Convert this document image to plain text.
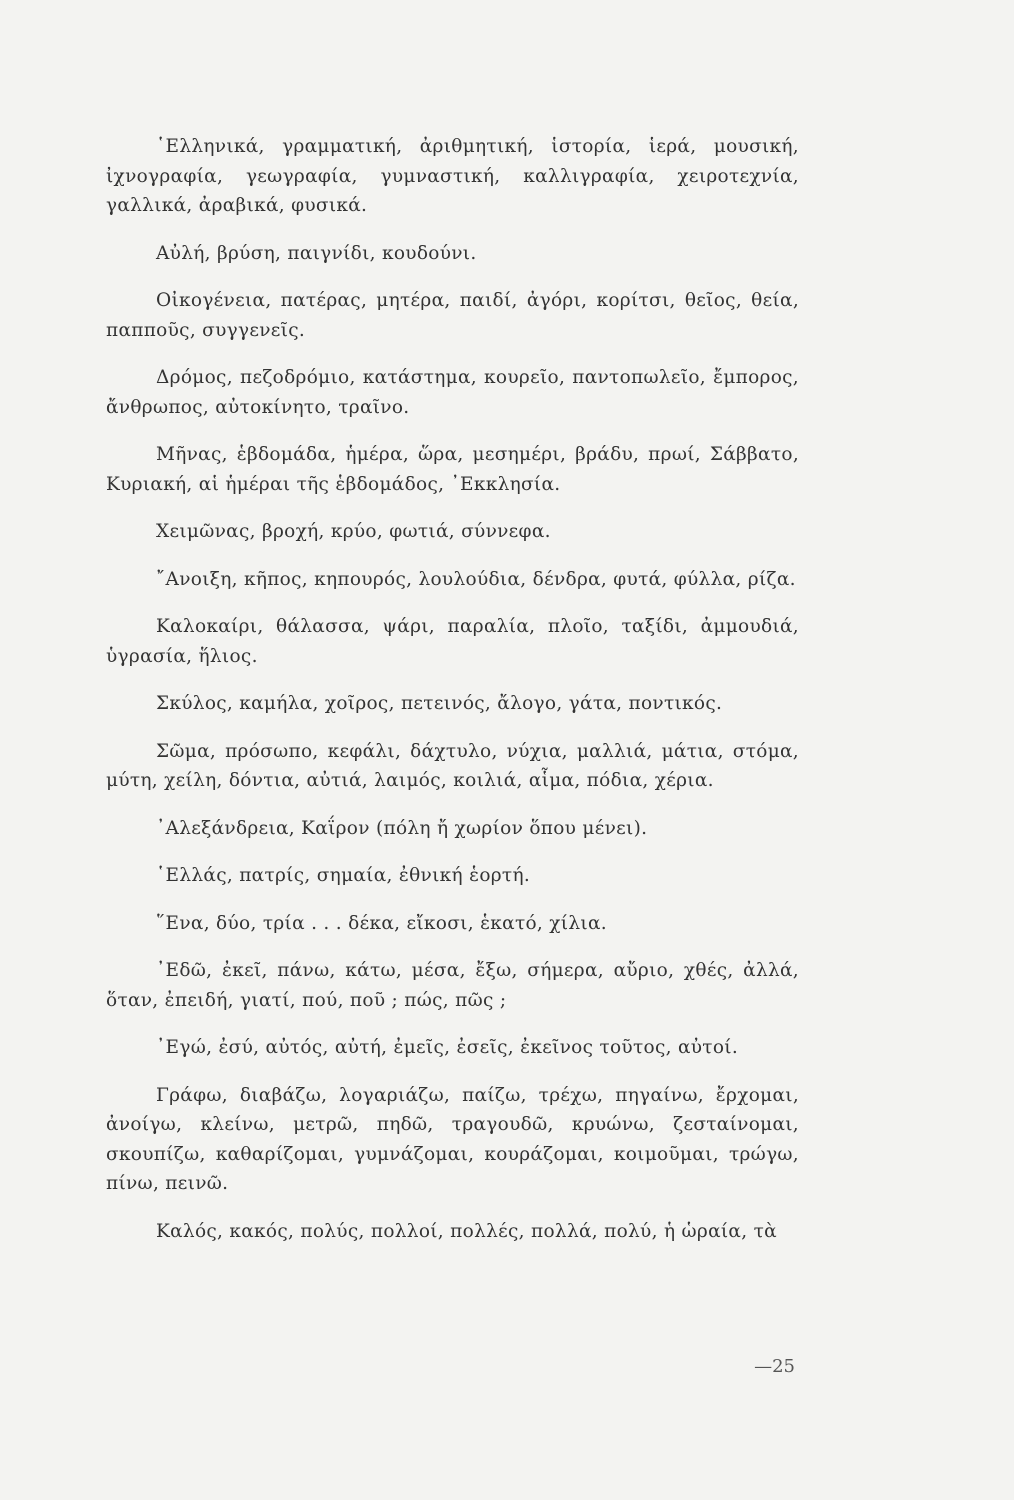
῾Ελληνικά, γραμματική, ἀριθμητική, ἱστορία, ἱερά, μουσική, ἰχνογραφία, γεωγραφία, γυμναστική, καλλιγραφία, χειροτεχνία, γαλλικά, ἀραβικά, φυσικά.

Αὐλή, βρύση, παιγνίδι, κουδούνι.

Οἰκογένεια, πατέρας, μητέρα, παιδί, ἀγόρι, κορίτσι, θεῖος, θεία, παπποῦς, συγγενεῖς.

Δρόμος, πεζοδρόμιο, κατάστημα, κουρεῖο, παντοπωλεῖο, ἔμπορος, ἄνθρωπος, αὐτοκίνητο, τραῖνο.

Μῆνας, ἑβδομάδα, ἡμέρα, ὥρα, μεσημέρι, βράδυ, πρωί, Σάββατο, Κυριακή, αἱ ἡμέραι τῆς ἑβδομάδος, ᾿Εκκλησία.

Χειμῶνας, βροχή, κρύο, φωτιά, σύννεφα.

῎Ανοιξη, κῆπος, κηπουρός, λουλούδια, δένδρα, φυτά, φύλλα, ρίζα.

Καλοκαίρι, θάλασσα, ψάρι, παραλία, πλοῖο, ταξίδι, ἀμμουδιά, ὑγρασία, ἥλιος.

Σκύλος, καμήλα, χοῖρος, πετεινός, ἄλογο, γάτα, ποντικός.

Σῶμα, πρόσωπο, κεφάλι, δάχτυλο, νύχια, μαλλιά, μάτια, στόμα, μύτη, χείλη, δόντια, αὐτιά, λαιμός, κοιλιά, αἷμα, πόδια, χέρια.

᾿Αλεξάνδρεια, Καΐρον (πόλη ἤ χωρίον ὅπου μένει).

῾Ελλάς, πατρίς, σημαία, ἐθνική ἑορτή.

῞Ενα, δύο, τρία . . . δέκα, εἴκοσι, ἑκατό, χίλια.

᾿Εδῶ, ἐκεῖ, πάνω, κάτω, μέσα, ἔξω, σήμερα, αὔριο, χθές, ἀλλά, ὅταν, ἐπειδή, γιατί, πού, ποῦ ; πώς, πῶς ;

᾿Εγώ, ἐσύ, αὐτός, αὐτή, ἐμεῖς, ἐσεῖς, ἐκεῖνος τοῦτος, αὐτοί.

Γράφω, διαβάζω, λογαριάζω, παίζω, τρέχω, πηγαίνω, ἔρχομαι, ἀνοίγω, κλείνω, μετρῶ, πηδῶ, τραγουδῶ, κρυώνω, ζεσταίνομαι, σκουπίζω, καθαρίζομαι, γυμνάζομαι, κουράζομαι, κοιμοῦμαι, τρώγω, πίνω, πεινῶ.

Καλός, κακός, πολύς, πολλοί, πολλές, πολλά, πολύ, ἡ ὡραία, τὰ

—25
